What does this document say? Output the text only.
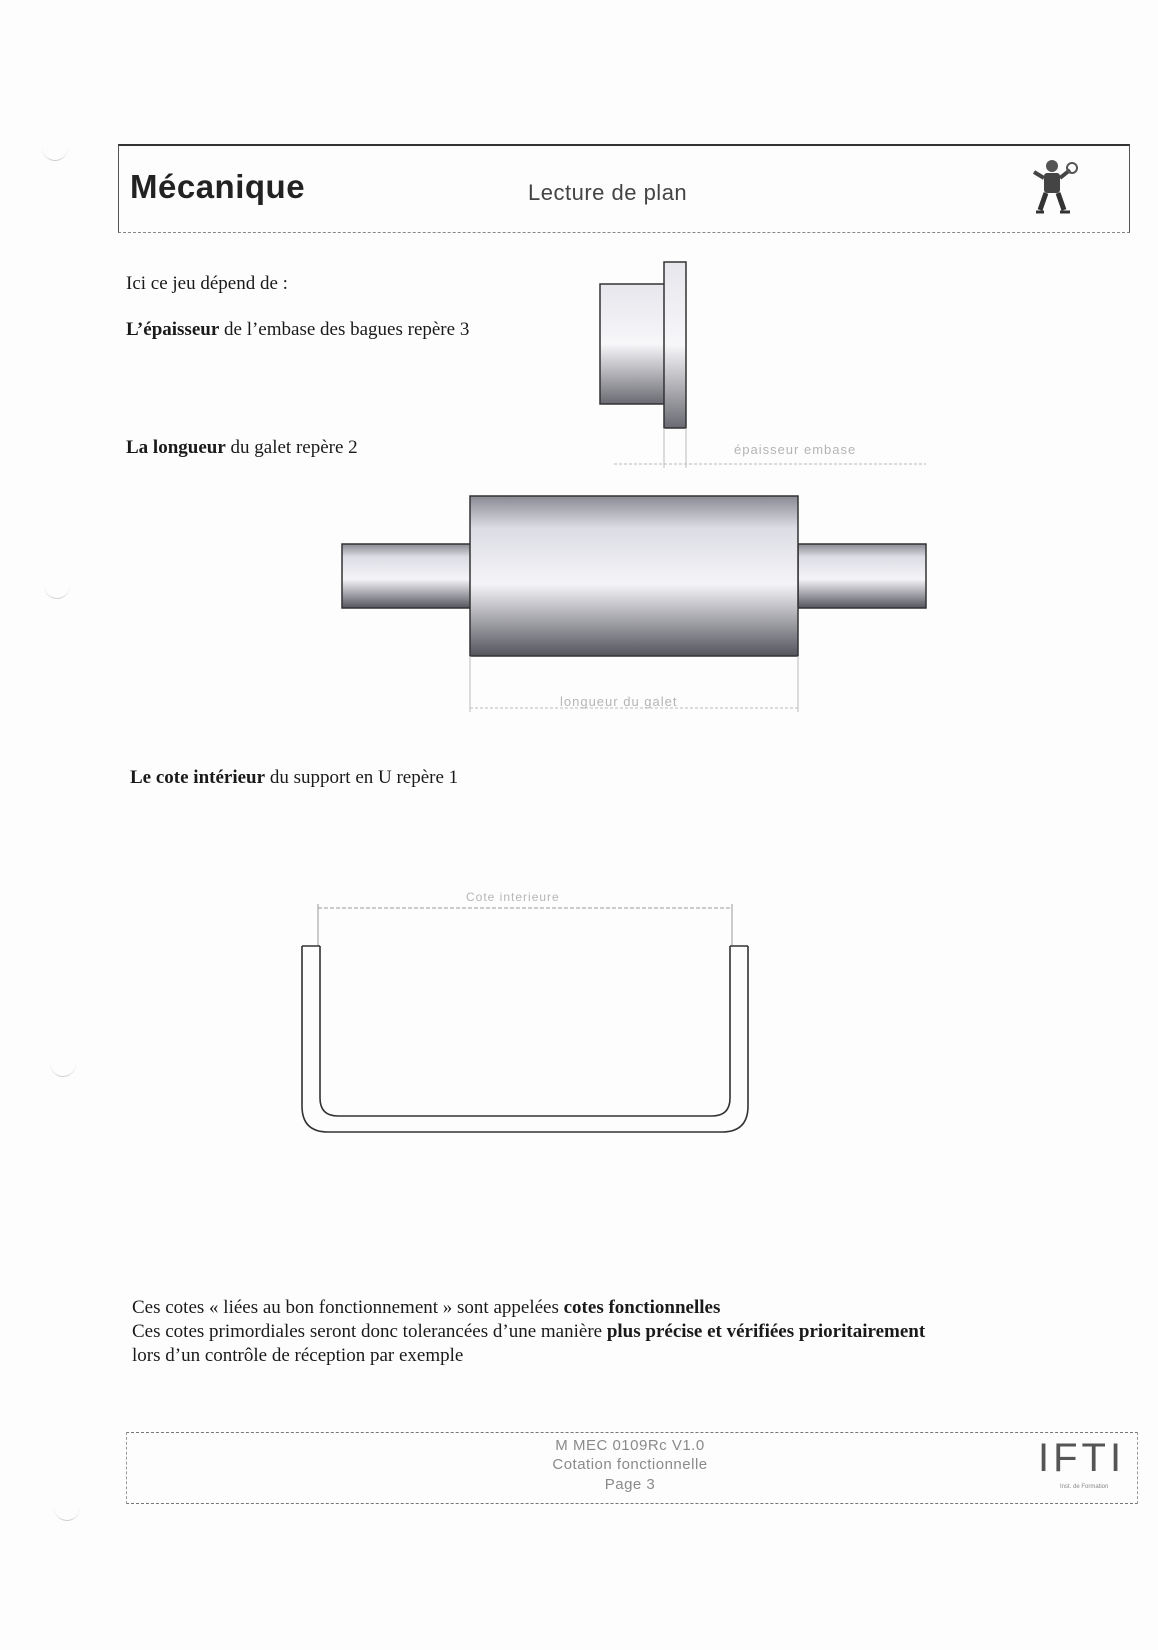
Mécanique	Lecture de plan
Ici ce jeu dépend de :
L’épaisseur de l’embase des bagues repère 3
La longueur du galet repère 2	épaisseur embase
longueur du galet
Le cote intérieur du support en U repère 1
Cote interieure
Ces cotes « liées au bon fonctionnement » sont appelées cotes fonctionnelles
Ces cotes primordiales seront donc tolerancées d’une manière plus précise et vérifiées prioritairement
lors d’un contrôle de réception par exemple
M MEC 0109Rc V1.0
Cotation fonctionnelle
Page 3
IFTI
Inst. de Formation
